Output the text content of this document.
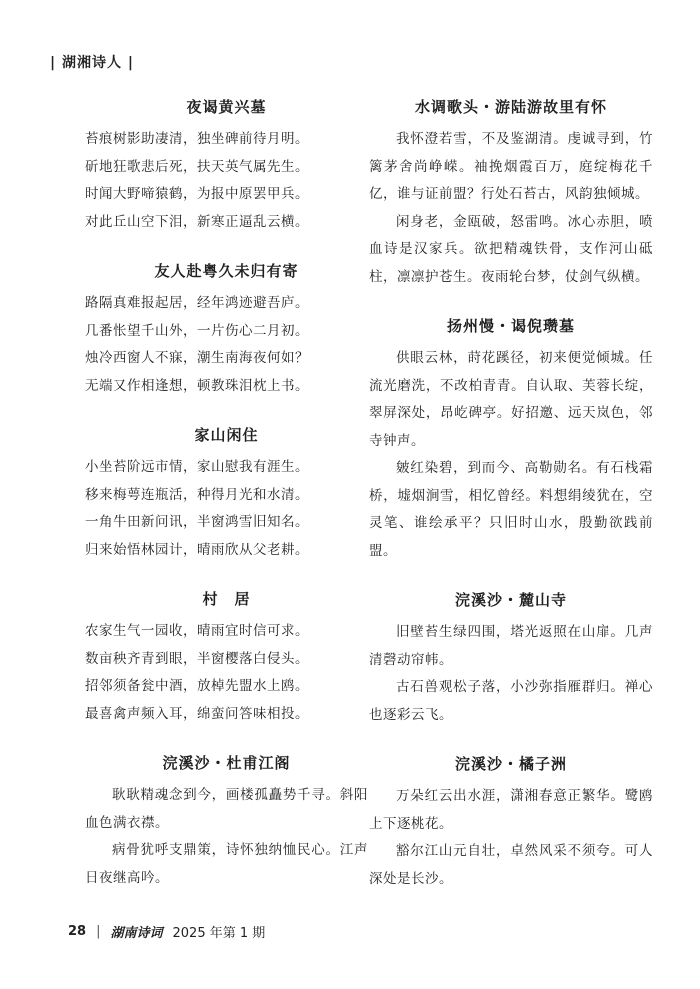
| 湖湘诗人 |
夜谒黄兴墓
苔痕树影助凄清，独坐碑前待月明。
斫地狂歌悲后死，扶天英气属先生。
时闻大野啼猿鹤，为报中原罢甲兵。
对此丘山空下泪，新寒正逼乱云横。
友人赴粤久未归有寄
路隔真难报起居，经年鸿迹避吾庐。
几番怅望千山外，一片伤心二月初。
烛冷西窗人不寐，潮生南海夜何如？
无端又作相逢想，顿教珠泪枕上书。
家山闲住
小坐苔阶远市情，家山慰我有涯生。
移来梅萼连瓶活，种得月光和水清。
一角牛田新问讯，半窗鸿雪旧知名。
归来始悟林园计，晴雨欣从父老耕。
村　居
农家生气一园收，晴雨宜时信可求。
数亩秧齐青到眼，半窗樱落白侵头。
招邻须备瓮中酒，放棹先盟水上鸥。
最喜禽声频入耳，绵蛮问答味相投。
浣溪沙・杜甫江阁
耿耿精魂念到今，画楼孤矗势千寻。斜阳血色满衣襟。
病骨犹呼支鼎策，诗怀独纳恤民心。江声日夜继高吟。
水调歌头・游陆游故里有怀
我怀澄若雪，不及鉴湖清。虔诚寻到，竹篱茅舍尚峥嵘。袖挽烟霞百万，庭绽梅花千亿，谁与证前盟？行处石苔古，风韵独倾城。
闲身老，金瓯破，怒雷鸣。冰心赤胆，喷血诗是汉家兵。欲把精魂铁骨，支作河山砥柱，凛凛护苍生。夜雨轮台梦，仗剑气纵横。
扬州慢・谒倪瓒墓
供眼云林，莳花蹊径，初来便觉倾城。任流光磨洗，不改柏青青。自认取、芙蓉长绽，翠屏深处，昂屹碑亭。好招邀、远天岚色，邻寺钟声。
皴红染碧，到而今、高勒勋名。有石栈霜桥，墟烟涧雪，相忆曾经。料想绢绫犹在，空灵笔、谁绘承平？只旧时山水，殷勤欲践前盟。
浣溪沙・麓山寺
旧壁苔生绿四围，塔光返照在山扉。几声清磬动帘帏。
古石兽观松子落，小沙弥指雁群归。禅心也逐彩云飞。
浣溪沙・橘子洲
万朵红云出水涯，潇湘春意正繁华。鹭鸥上下逐桃花。
豁尔江山元自壮，卓然风采不须夸。可人深处是长沙。
28 | 湖南诗词 2025 年第 1 期
